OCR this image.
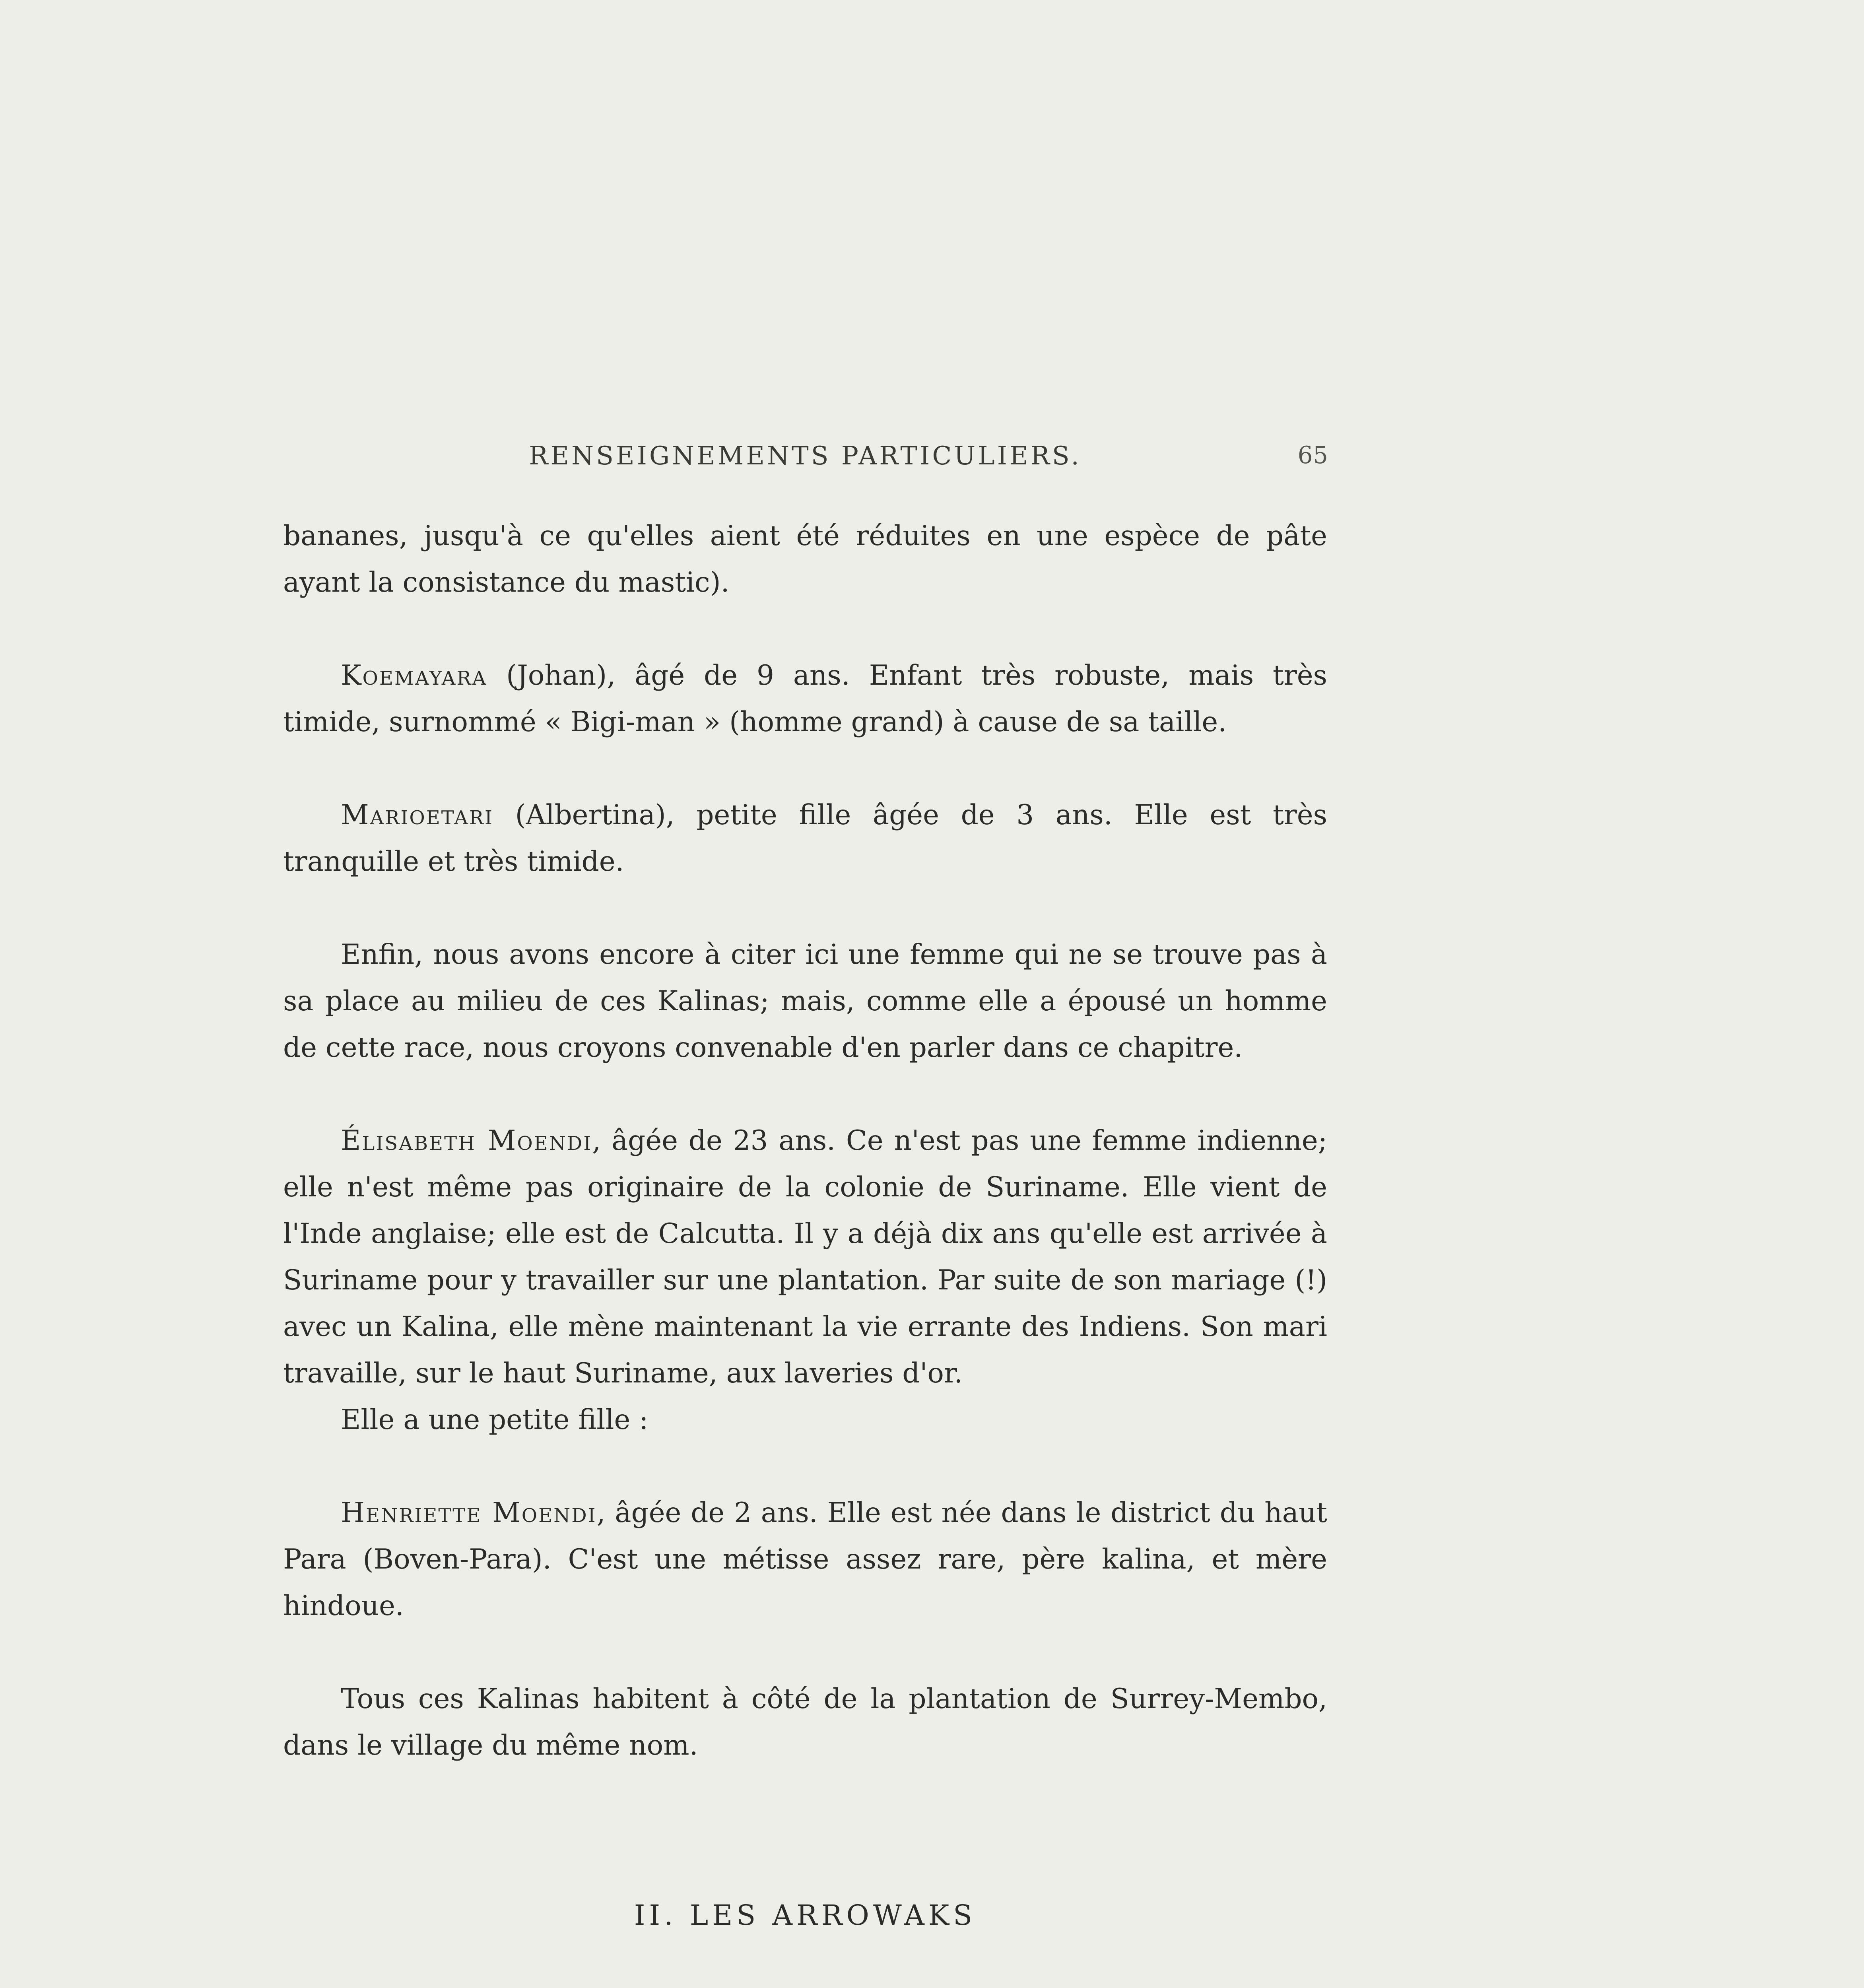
RENSEIGNEMENTS PARTICULIERS.	65

bananes, jusqu'à ce qu'elles aient été réduites en une espèce de pâte ayant la consistance du mastic).

Koemayara (Johan), âgé de 9 ans. Enfant très robuste, mais très timide, surnommé « Bigi-man » (homme grand) à cause de sa taille.

Marioetari (Albertina), petite fille âgée de 3 ans. Elle est très tranquille et très timide.

Enfin, nous avons encore à citer ici une femme qui ne se trouve pas à sa place au milieu de ces Kalinas; mais, comme elle a épousé un homme de cette race, nous croyons convenable d'en parler dans ce chapitre.

Élisabeth Moendi, âgée de 23 ans. Ce n'est pas une femme indienne; elle n'est même pas originaire de la colonie de Suriname. Elle vient de l'Inde anglaise; elle est de Calcutta. Il y a déjà dix ans qu'elle est arrivée à Suriname pour y travailler sur une plantation. Par suite de son mariage (!) avec un Kalina, elle mène maintenant la vie errante des Indiens. Son mari travaille, sur le haut Suriname, aux laveries d'or.

Elle a une petite fille :

Henriette Moendi, âgée de 2 ans. Elle est née dans le district du haut Para (Boven-Para). C'est une métisse assez rare, père kalina, et mère hindoue.

Tous ces Kalinas habitent à côté de la plantation de Surrey-Membo, dans le village du même nom.

II. LES ARROWAKS
